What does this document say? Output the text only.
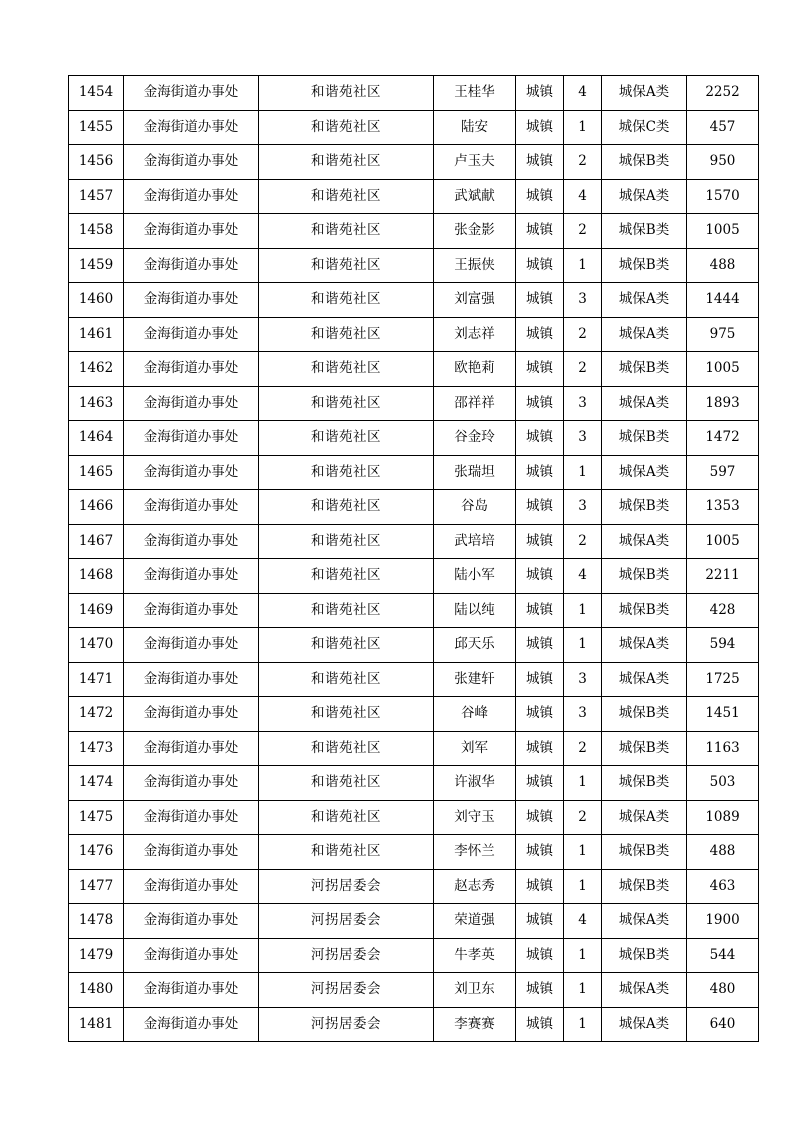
1454	金海街道办事处	和谐苑社区	王桂华	城镇	4	城保A类	2252
1455	金海街道办事处	和谐苑社区	陆安	城镇	1	城保C类	457
1456	金海街道办事处	和谐苑社区	卢玉夫	城镇	2	城保B类	950
1457	金海街道办事处	和谐苑社区	武斌献	城镇	4	城保A类	1570
1458	金海街道办事处	和谐苑社区	张金影	城镇	2	城保B类	1005
1459	金海街道办事处	和谐苑社区	王振侠	城镇	1	城保B类	488
1460	金海街道办事处	和谐苑社区	刘富强	城镇	3	城保A类	1444
1461	金海街道办事处	和谐苑社区	刘志祥	城镇	2	城保A类	975
1462	金海街道办事处	和谐苑社区	欧艳莉	城镇	2	城保B类	1005
1463	金海街道办事处	和谐苑社区	邵祥祥	城镇	3	城保A类	1893
1464	金海街道办事处	和谐苑社区	谷金玲	城镇	3	城保B类	1472
1465	金海街道办事处	和谐苑社区	张瑞坦	城镇	1	城保A类	597
1466	金海街道办事处	和谐苑社区	谷岛	城镇	3	城保B类	1353
1467	金海街道办事处	和谐苑社区	武培培	城镇	2	城保A类	1005
1468	金海街道办事处	和谐苑社区	陆小军	城镇	4	城保B类	2211
1469	金海街道办事处	和谐苑社区	陆以纯	城镇	1	城保B类	428
1470	金海街道办事处	和谐苑社区	邱天乐	城镇	1	城保A类	594
1471	金海街道办事处	和谐苑社区	张建轩	城镇	3	城保A类	1725
1472	金海街道办事处	和谐苑社区	谷峰	城镇	3	城保B类	1451
1473	金海街道办事处	和谐苑社区	刘军	城镇	2	城保B类	1163
1474	金海街道办事处	和谐苑社区	许淑华	城镇	1	城保B类	503
1475	金海街道办事处	和谐苑社区	刘守玉	城镇	2	城保A类	1089
1476	金海街道办事处	和谐苑社区	李怀兰	城镇	1	城保B类	488
1477	金海街道办事处	河拐居委会	赵志秀	城镇	1	城保B类	463
1478	金海街道办事处	河拐居委会	荣道强	城镇	4	城保A类	1900
1479	金海街道办事处	河拐居委会	牛孝英	城镇	1	城保B类	544
1480	金海街道办事处	河拐居委会	刘卫东	城镇	1	城保A类	480
1481	金海街道办事处	河拐居委会	李赛赛	城镇	1	城保A类	640
